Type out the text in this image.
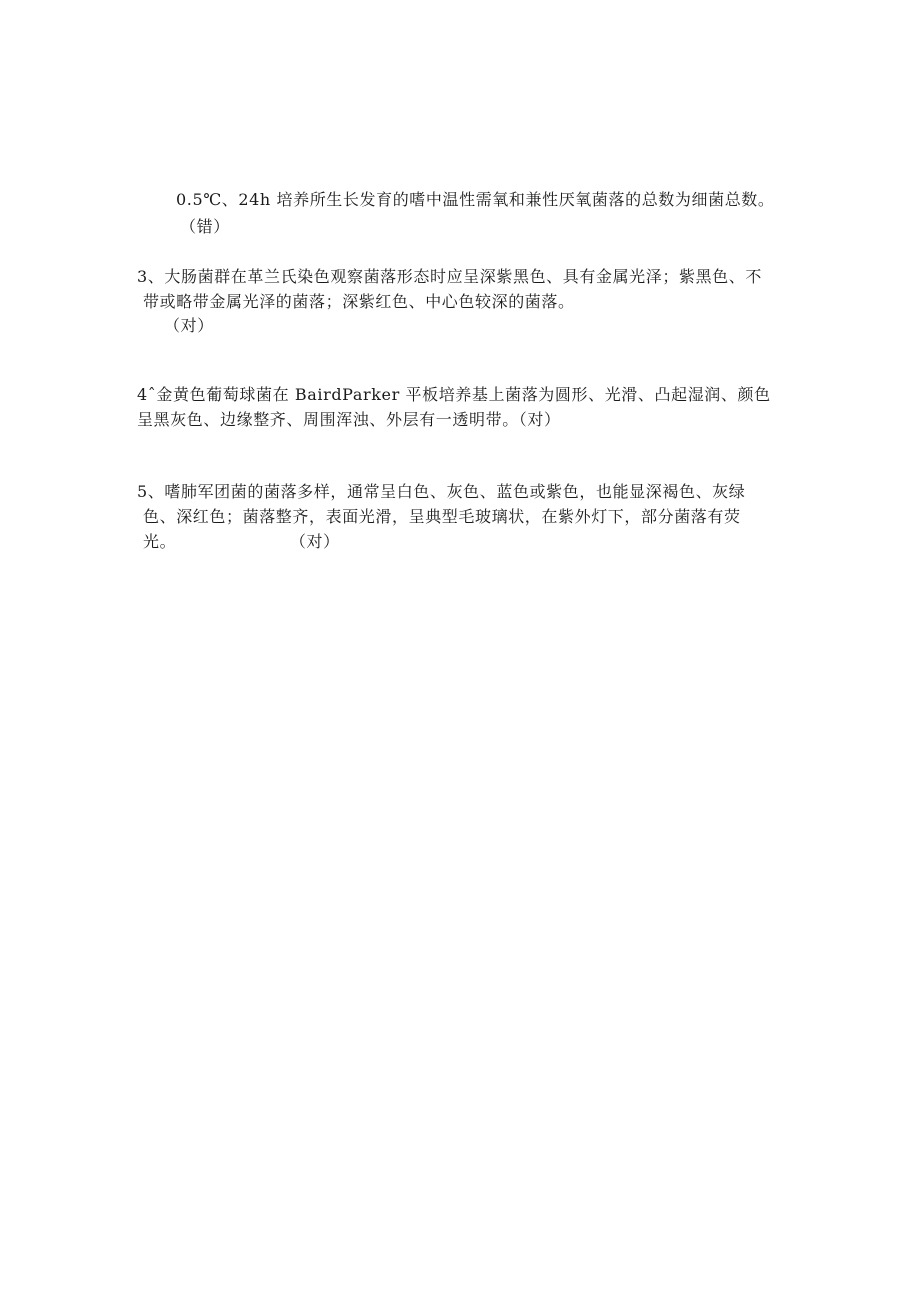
0.5℃、24h 培养所生长发育的嗜中温性需氧和兼性厌氧菌落的总数为细菌总数。
（错）
3、大肠菌群在革兰氏染色观察菌落形态时应呈深紫黑色、具有金属光泽；紫黑色、不
带或略带金属光泽的菌落；深紫红色、中心色较深的菌落。
（对）
4ˆ金黄色葡萄球菌在 BairdParker 平板培养基上菌落为圆形、光滑、凸起湿润、颜色
呈黑灰色、边缘整齐、周围浑浊、外层有一透明带。（对）
5、嗜肺军团菌的菌落多样，通常呈白色、灰色、蓝色或紫色，也能显深褐色、灰绿
色、深红色；菌落整齐，表面光滑，呈典型毛玻璃状，在紫外灯下，部分菌落有荧
光。                    （对）
